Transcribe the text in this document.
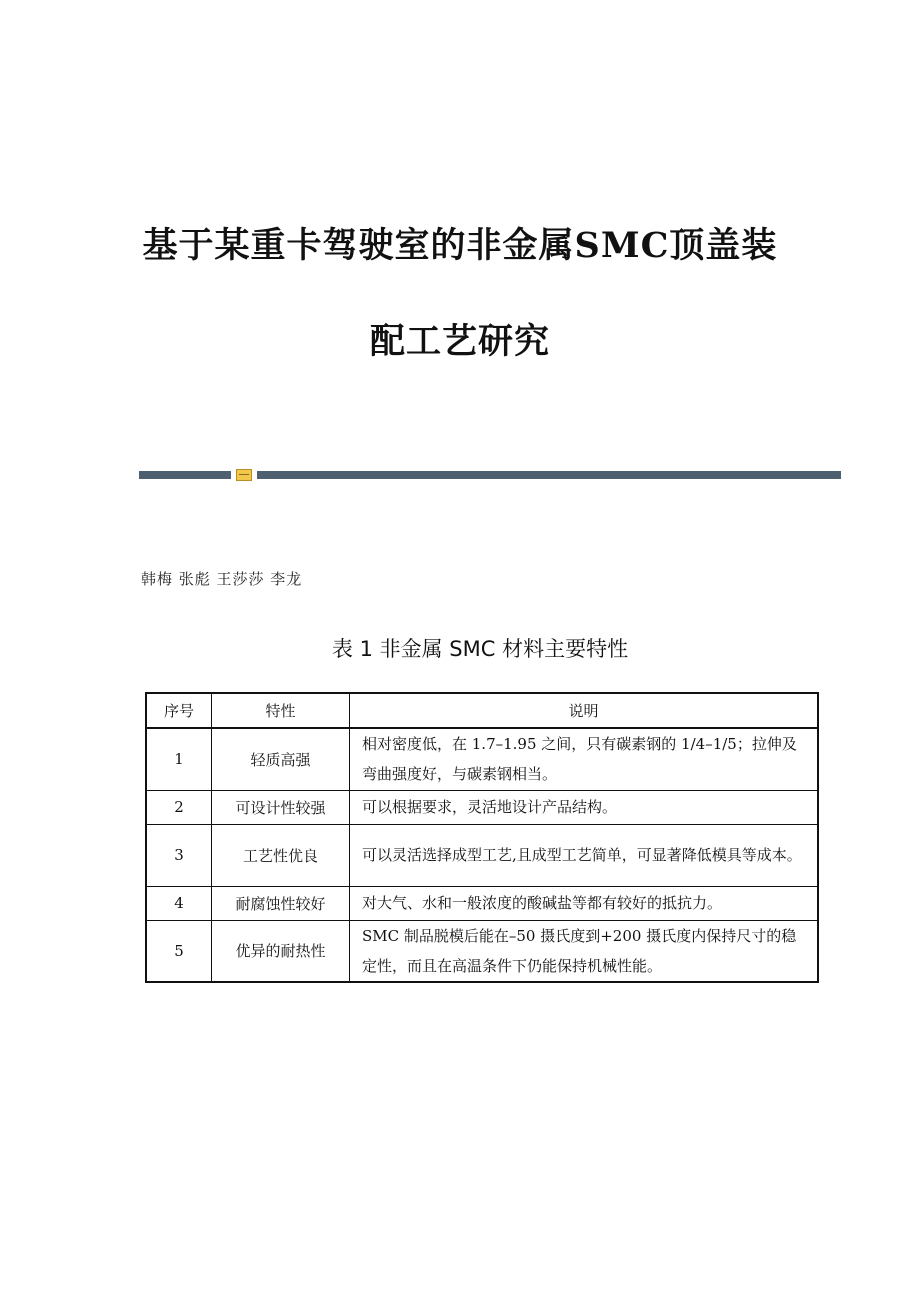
基于某重卡驾驶室的非金属SMC顶盖装
配工艺研究
韩梅 张彪 王莎莎 李龙
表 1 非金属 SMC 材料主要特性
序号	特性	说明
1	轻质高强	相对密度低，在 1.7–1.95 之间，只有碳素钢的 1/4–1/5；拉伸及弯曲强度好，与碳素钢相当。
2	可设计性较强	可以根据要求，灵活地设计产品结构。
3	工艺性优良	可以灵活选择成型工艺,且成型工艺简单，可显著降低模具等成本。
4	耐腐蚀性较好	对大气、水和一般浓度的酸碱盐等都有较好的抵抗力。
5	优异的耐热性	SMC 制品脱模后能在–50 摄氏度到+200 摄氏度内保持尺寸的稳定性，而且在高温条件下仍能保持机械性能。
